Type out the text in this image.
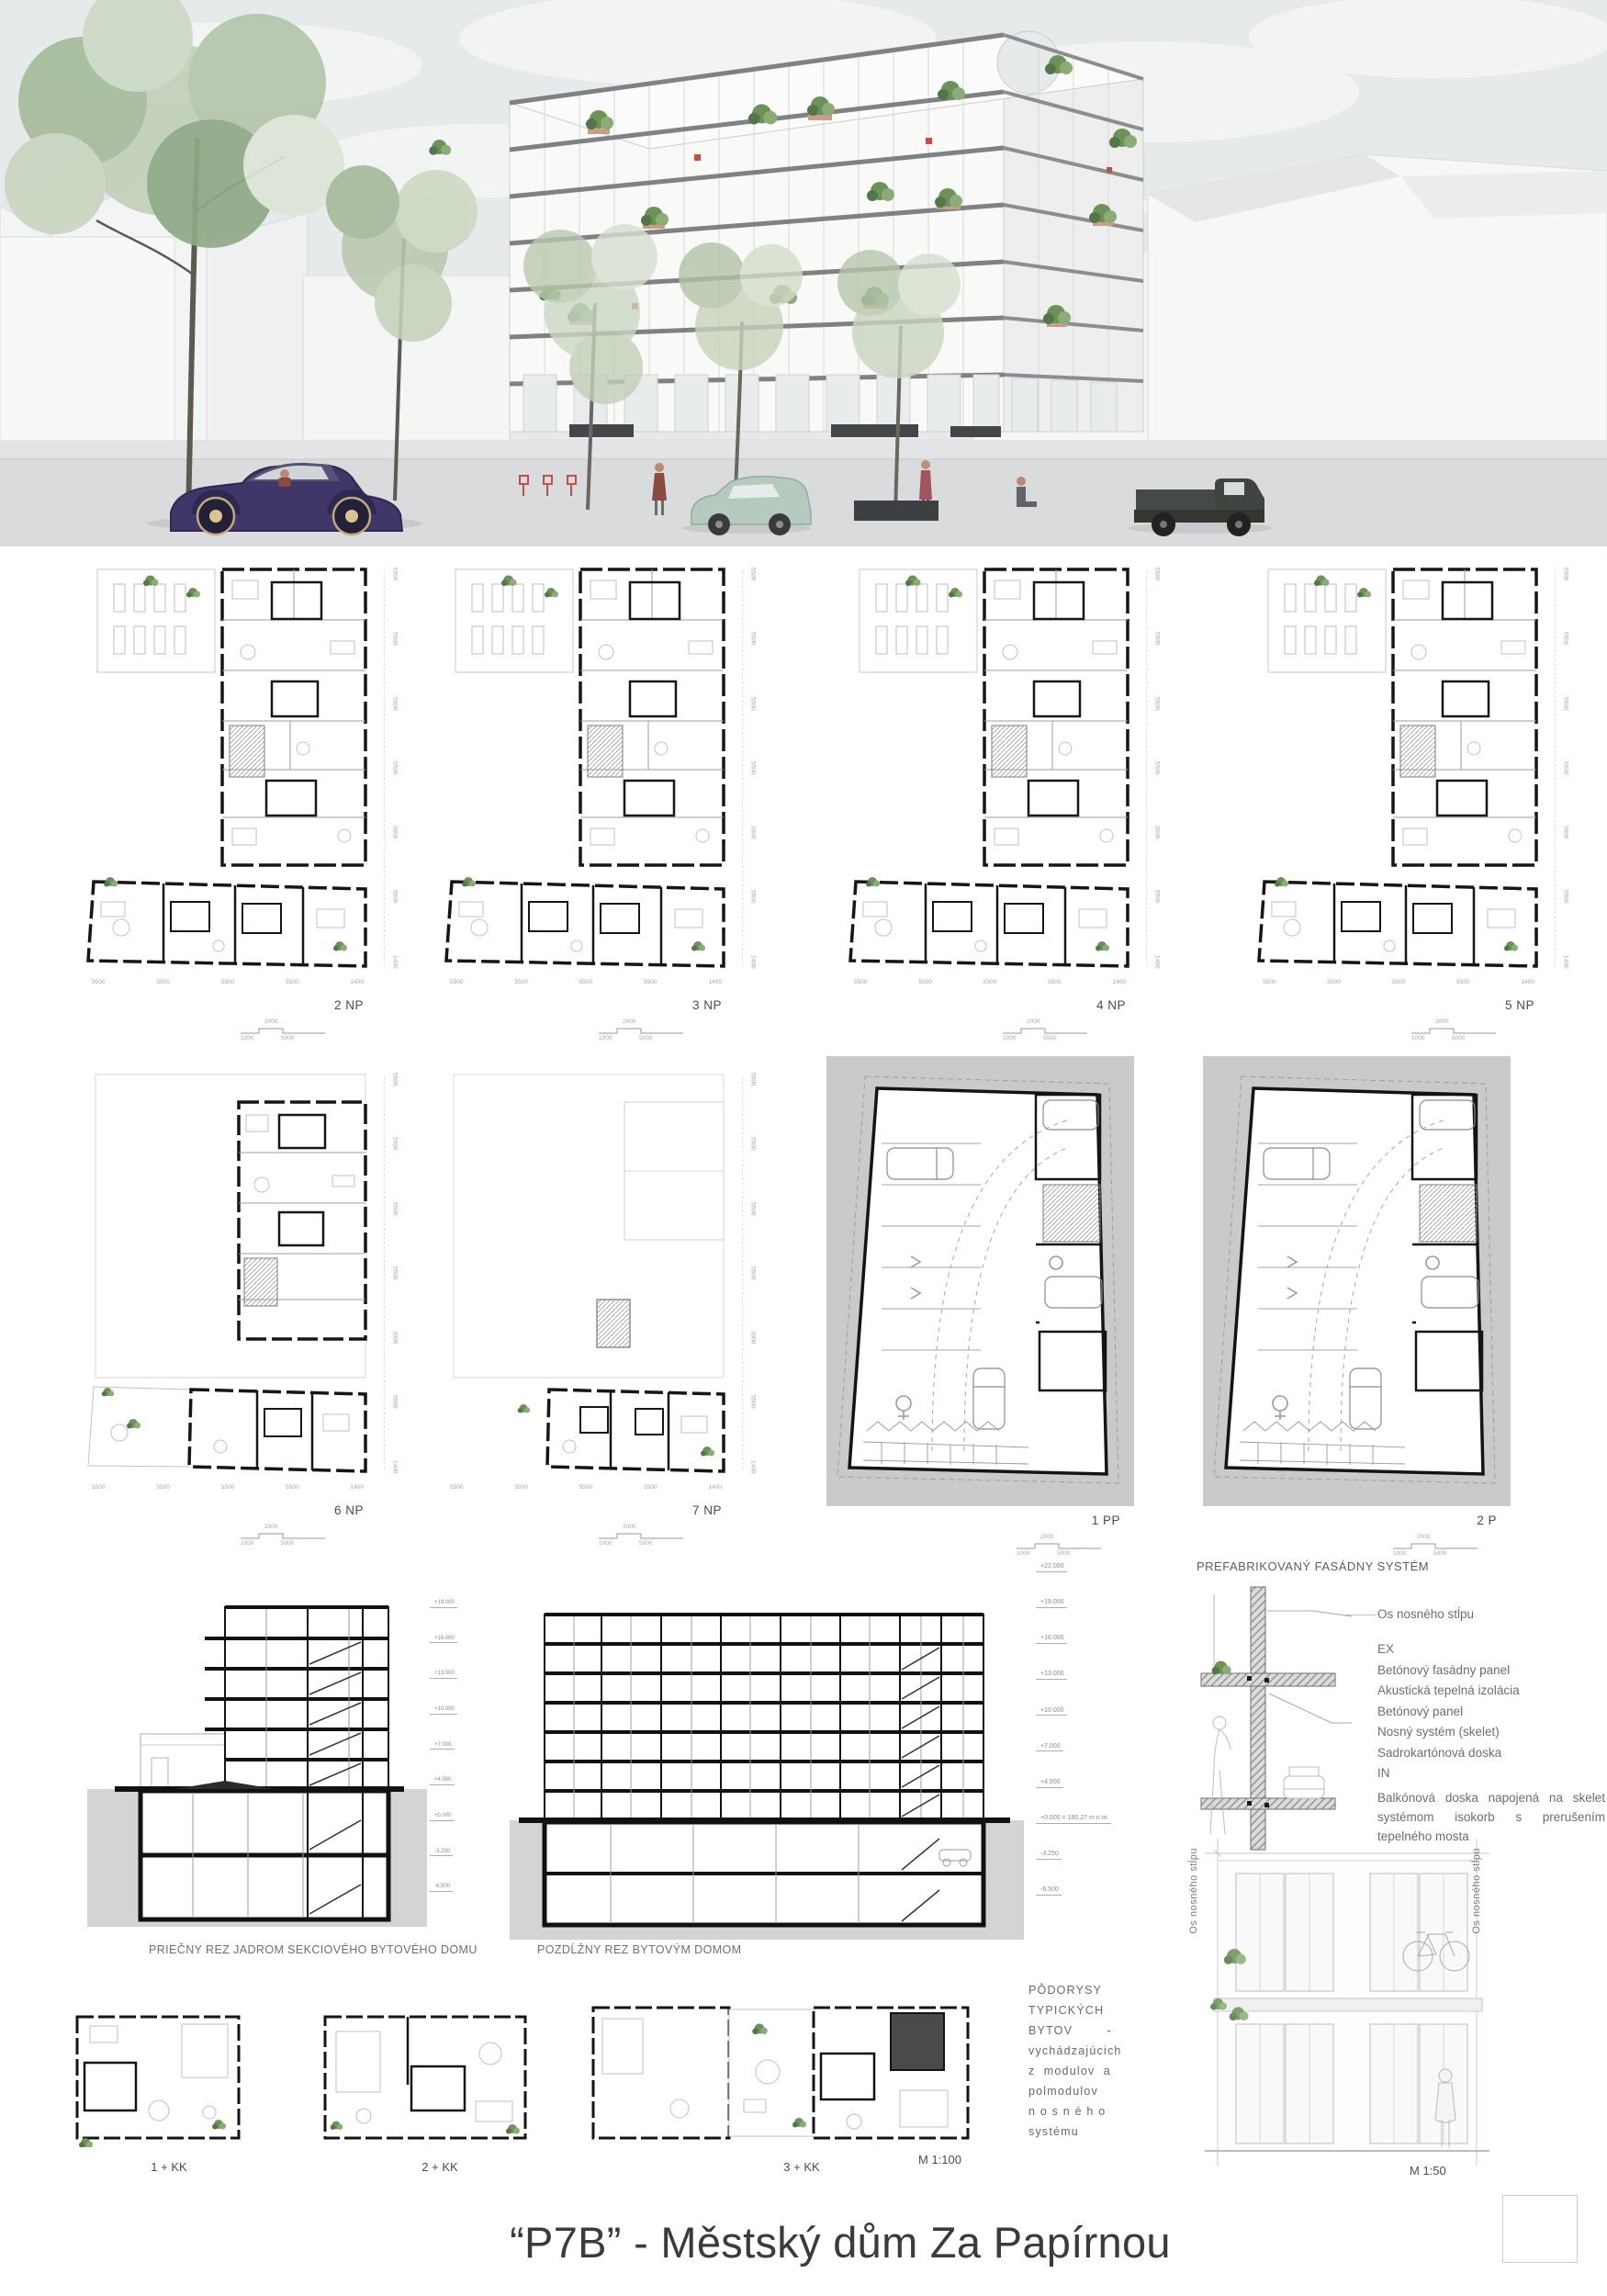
5500
5500
5500
5500
3000
5500
1400
5500	5500	5500	5500	1400
2 NP
2000
1000	5000
5500
5500
5500
5500
3000
5500
1400
5500	5500	5500	5500	1400
3 NP
2000
1000	5000
5500
5500
5500
5500
3000
5500
1400
5500	5500	5500	5500	1400
4 NP
2000
1000	5000
5500
5500
5500
5500
3000
5500
1400
5500	5500	5500	5500	1400
5 NP
2000
1000	5000
5500
5500
5500
5500
3000
5500
1400
5500	5500	5500	5500	1400
6 NP
2000
1000	5000
5500
5500
5500
5500
3000
5500
1400
5500	5500	5500	5500	1400
7 NP
2000
1000	5000
1 PP
2000
1000	5000
2 P
2000
1000	5000
+19.000
+16.000
+13.000
+10.000
+7.000
+4.000
+0.000
-3.250
-6.500
PRIEČNY REZ JADROM SEKCIOVÉHO BYTOVÉHO DOMU
+22.000
+19.000
+16.000
+13.000
+10.000
+7.000
+4.000
+0.000 = 180.27 m n.m.
-3.250
-6.500
POZDĹŽNY REZ BYTOVÝM DOMOM
PREFABRIKOVANÝ FASÁDNY SYSTÉM
Os nosného stĺpu
EX
Betónový fasádny panel
Akustická tepelná izolácia
Betónový panel
Nosný systém (skelet)
Sadrokartónová doska
IN
Balkónová doska napojená na skelet systémom isokorb s prerušením tepelného mosta
Os nosného stĺpu	Os nosného stĺpu
M 1:50
1 + KK	2 + KK	3 + KK
M 1:100
PÔDORYSY
TYPICKÝCH
BYTOV        -
vychádzajúcich
z  modulov  a
polmodulov
n o s n é h o
systému
“P7B” - Městský dům Za Papírnou
